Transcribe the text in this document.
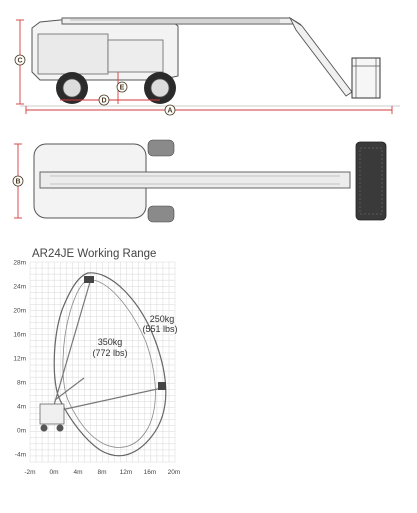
C
E
D
A
B
AR24JE Working Range
28m
24m
20m
16m
12m
8m
4m
0m
-4m
-2m 0m 4m 8m 12m 16m 20m
250kg
(551 lbs)
350kg
(772 lbs)
